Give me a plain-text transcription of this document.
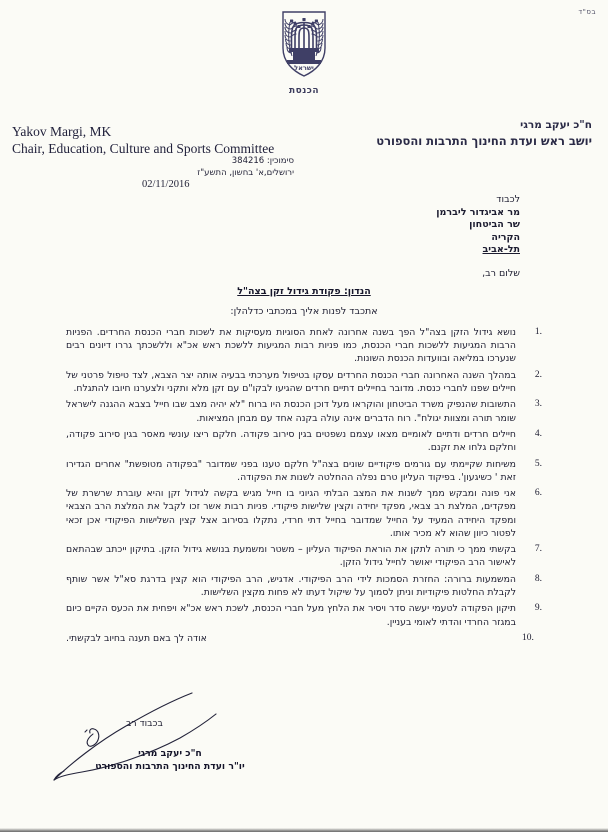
בס"ד
ישראל
הכנסת
ח"כ יעקב מרגי
יושב ראש ועדת החינוך התרבות והספורט
Yakov Margi, MK
Chair, Education, Culture and Sports Committee
סימוכין: 384216
ירושלים,א' בחשון, התשע"ז
02/11/2016
לכבוד
מר אביגדור ליברמן
שר הביטחון
הקריה
תל-אביב
שלום רב,
הנדון: פקודת גידול זקן בצה"ל
אתכבד לפנות אליך במכתבי כדלהלן:
1.
נושא גידול הזקן בצה"ל הפך בשנה אחרונה לאחת הסוגיות מעסיקות את לשכות חברי הכנסת החרדים. הפניות הרבות המגיעות ללשכות חברי הכנסת, כמו פניות רבות המגיעות ללשכת ראש אכ"א וללשכתך גררו דיונים רבים שנערכו במליאה ובוועדות הכנסת השונות.
2.
במהלך השנה האחרונה חברי הכנסת החרדים עסקו בטיפול מערכתי בבעיה אותה יצר הצבא, לצד טיפול פרטני של חיילים שפנו לחברי כנסת. מדובר בחיילים דתיים חרדים שהגיעו לבקו"ם עם זקן מלא ותקני ולצערנו חיובו להתגלח.
3.
התשובות שהנפיק משרד הביטחון והוקראו מעל דוכן הכנסת היו ברוח "לא יהיה מצב שבו חייל בצבא ההגנה לישראל שומר תורה ומצוות יגולח". רוח הדברים אינה עולה בקנה אחד עם מבחן המציאות.
4.
חיילים חרדים ודתיים לאומיים מצאו עצמם נשפטים בגין סירוב פקודה. חלקם ריצו עונשי מאסר בגין סירוב פקודה, וחלקם גלחו את זקנם.
5.
משיחות שקיימתי עם גורמים פיקודיים שונים בצה"ל חלקם טענו בפני שמדובר "בפקודה מטופשת" אחרים הגדירו זאת ' כשיגעון'. בפיקוד העליון טרם נפלה ההחלטה לשנות את הפקודה.
6.
אני פונה ומבקש ממך לשנות את המצב הבלתי הגיוני בו חייל מגיש בקשה לגידול זקן והיא עוברת שרשרת של מפקדים, המלצת רב צבאי, מפקד יחידה וקצין שלישות פיקודי. פניות רבות אשר זכו לקבל את המלצת הרב הצבאי ומפקד היחידה המעיד על החייל שמדובר בחייל דתי חרדי, נתקלו בסירוב אצל קצין השלישות הפיקודי אכן זכאי לפטור כיוון שהוא לא מכיר אותו.
7.
בקשתי ממך כי תורה לתקן את הוראת הפיקוד העליון – משטר ומשמעת בנושא גידול הזקן. בתיקון ייכתב שבהתאם לאישור הרב הפיקודי יאושר לחייל גידול הזקן.
8.
המשמעות ברורה: החזרת הסמכות לידי הרב הפיקודי. אדגיש, הרב הפיקודי הוא קצין בדרגת סא"ל אשר שותף לקבלת החלטות פיקודיות וניתן לסמוך על שיקול דעתו לא פחות מקצין השלישות.
9.
תיקון הפקודה לטעמי יעשה סדר ויסיר את הלחץ מעל חברי הכנסת, לשכת ראש אכ"א ויפחית את הכעס הקיים כיום במגזר החרדי והדתי לאומי בעניין.
10.
אודה לך באם תענה בחיוב לבקשתי.
בכבוד רב
ח"כ יעקב מרגי
יו"ר ועדת החינוך התרבות והספורט
